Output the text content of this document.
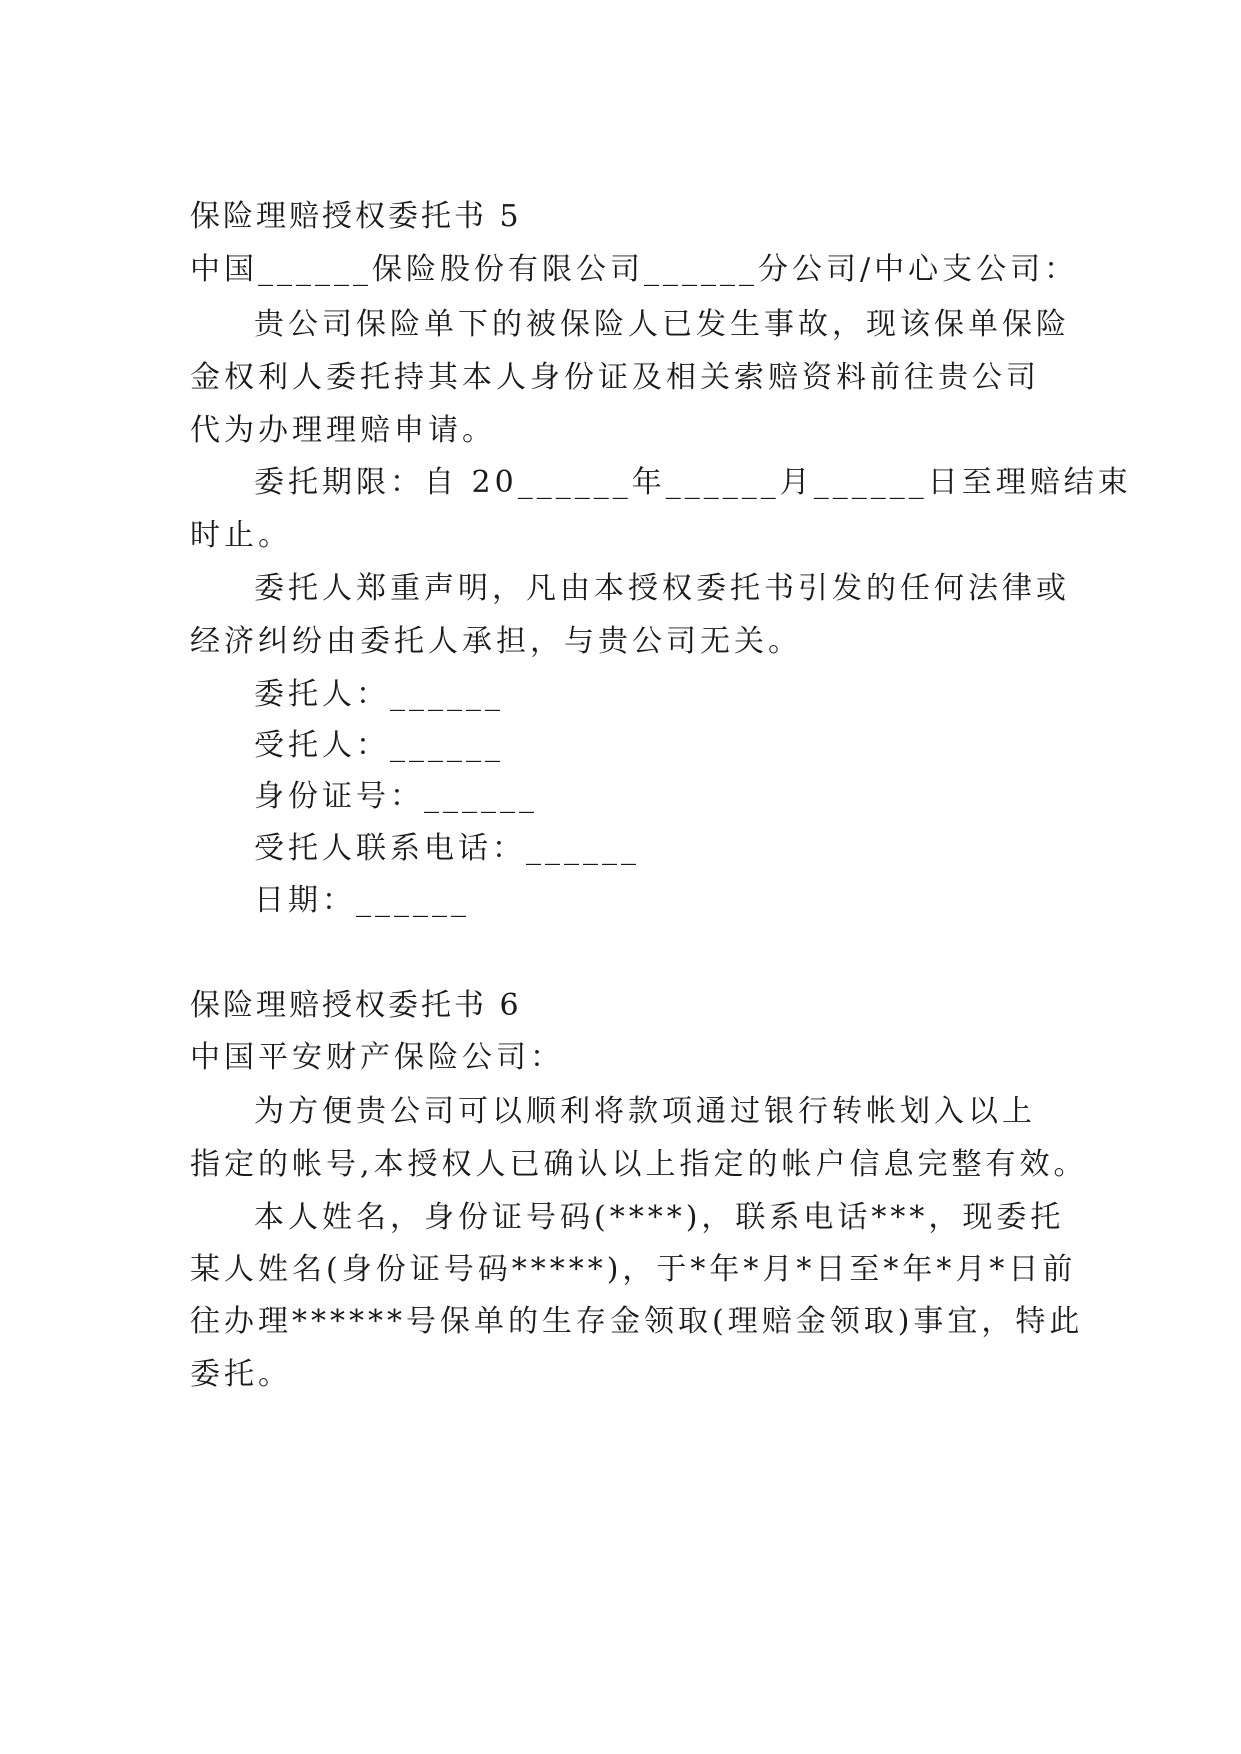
保险理赔授权委托书 5
中国______保险股份有限公司______分公司/中心支公司：
贵公司保险单下的被保险人已发生事故，现该保单保险
金权利人委托持其本人身份证及相关索赔资料前往贵公司
代为办理理赔申请。
委托期限：自 20______年______月______日至理赔结束
时止。
委托人郑重声明，凡由本授权委托书引发的任何法律或
经济纠纷由委托人承担，与贵公司无关。
委托人：______
受托人：______
身份证号：______
受托人联系电话：______
日期：______
保险理赔授权委托书 6
中国平安财产保险公司：
为方便贵公司可以顺利将款项通过银行转帐划入以上
指定的帐号,本授权人已确认以上指定的帐户信息完整有效。
本人姓名，身份证号码(****)，联系电话***，现委托
某人姓名(身份证号码*****)，于*年*月*日至*年*月*日前
往办理******号保单的生存金领取(理赔金领取)事宜，特此
委托。
